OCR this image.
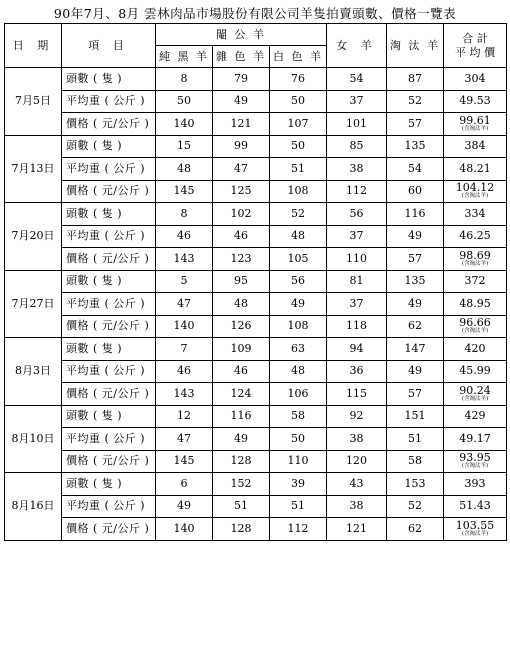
90年7月、8月 雲林肉品市場股份有限公司羊隻拍賣頭數、價格一覽表
日 期	項 目	閹 公 羊			女 羊	淘 汰 羊	合 計
平 均 價

		純 黑 羊	雜 色 羊	白 色 羊			
7月5日	頭數 ( 隻 )	8	79	76	54	87	304
	平均重 ( 公斤 )	50	49	50	37	52	49.53
	價格 ( 元/公斤 )	140	121	107	101	57	99.61
(含淘汰羊)

7月13日	頭數 ( 隻 )	15	99	50	85	135	384
	平均重 ( 公斤 )	48	47	51	38	54	48.21
	價格 ( 元/公斤 )	145	125	108	112	60	104.12
(含淘汰羊)

7月20日	頭數 ( 隻 )	8	102	52	56	116	334
	平均重 ( 公斤 )	46	46	48	37	49	46.25
	價格 ( 元/公斤 )	143	123	105	110	57	98.69
(含淘汰羊)

7月27日	頭數 ( 隻 )	5	95	56	81	135	372
	平均重 ( 公斤 )	47	48	49	37	49	48.95
	價格 ( 元/公斤 )	140	126	108	118	62	96.66
(含淘汰羊)

8月3日	頭數 ( 隻 )	7	109	63	94	147	420
	平均重 ( 公斤 )	46	46	48	36	49	45.99
	價格 ( 元/公斤 )	143	124	106	115	57	90.24
(含淘汰羊)

8月10日	頭數 ( 隻 )	12	116	58	92	151	429
	平均重 ( 公斤 )	47	49	50	38	51	49.17
	價格 ( 元/公斤 )	145	128	110	120	58	93.95
(含淘汰羊)

8月16日	頭數 ( 隻 )	6	152	39	43	153	393
	平均重 ( 公斤 )	49	51	51	38	52	51.43
	價格 ( 元/公斤 )	140	128	112	121	62	103.55
(含淘汰羊)
